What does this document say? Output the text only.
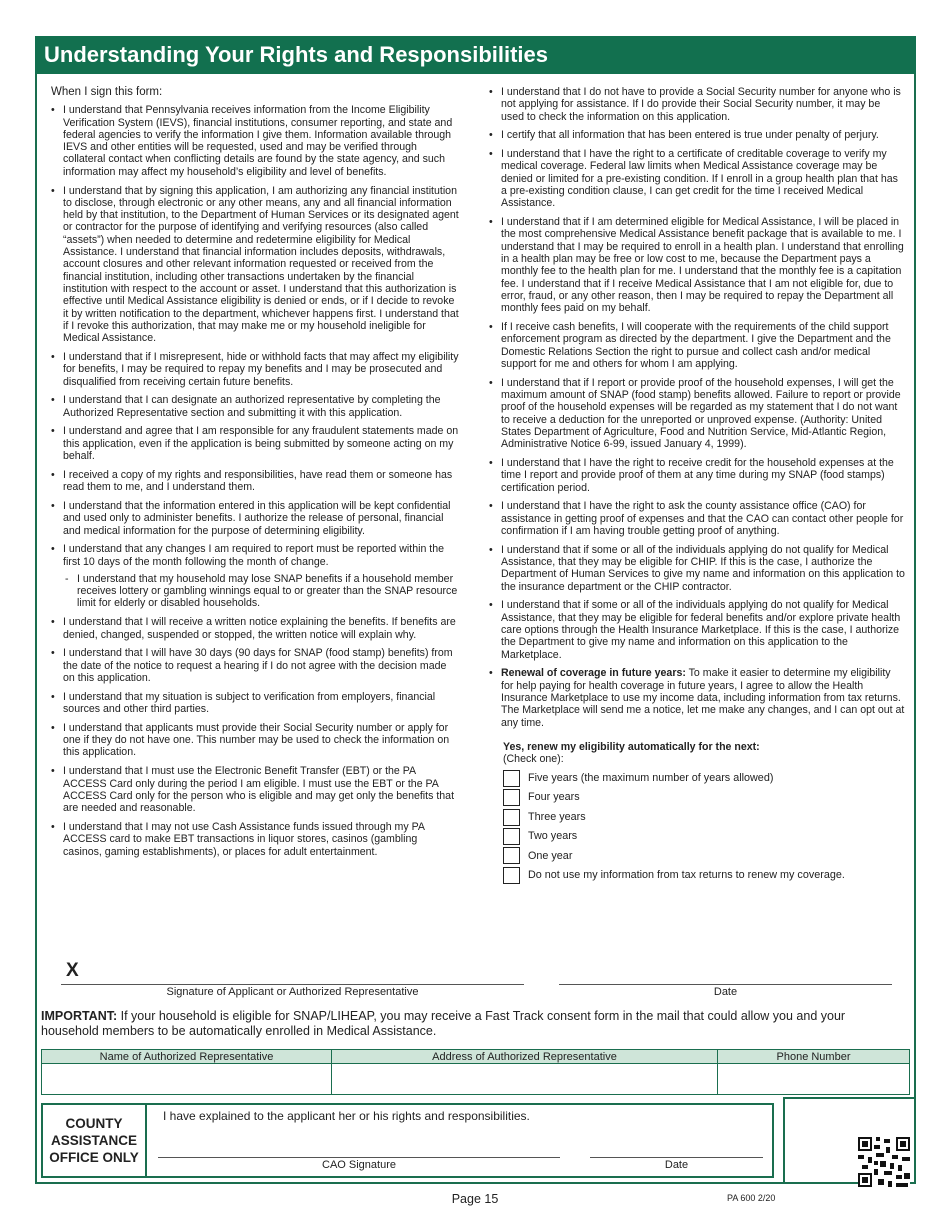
Understanding Your Rights and Responsibilities
When I sign this form:
• I understand that Pennsylvania receives information from the Income Eligibility Verification System (IEVS), financial institutions, consumer reporting, and state and federal agencies to verify the information I give them. Information available through IEVS and other entities will be requested, used and may be verified through collateral contact when conflicting details are found by the state agency, and such information may affect my household’s eligibility and level of benefits.
• I understand that by signing this application, I am authorizing any financial institution to disclose, through electronic or any other means, any and all financial information held by that institution, to the Department of Human Services or its designated agent or contractor for the purpose of identifying and verifying resources (also called “assets”) when needed to determine and redetermine eligibility for Medical Assistance. I understand that financial information includes deposits, withdrawals, account closures and other relevant information requested or received from the financial institution, including other transactions undertaken by the financial institution with respect to the account or asset. I understand that this authorization is effective until Medical Assistance eligibility is denied or ends, or if I decide to revoke it by written notification to the department, whichever happens first. I understand that if I revoke this authorization, that may make me or my household ineligible for Medical Assistance.
• I understand that if I misrepresent, hide or withhold facts that may affect my eligibility for benefits, I may be required to repay my benefits and I may be prosecuted and disqualified from receiving certain future benefits.
• I understand that I can designate an authorized representative by completing the Authorized Representative section and submitting it with this application.
• I understand and agree that I am responsible for any fraudulent statements made on this application, even if the application is being submitted by someone acting on my behalf.
• I received a copy of my rights and responsibilities, have read them or someone has read them to me, and I understand them.
• I understand that the information entered in this application will be kept confidential and used only to administer benefits. I authorize the release of personal, financial and medical information for the purpose of determining eligibility.
• I understand that any changes I am required to report must be reported within the first 10 days of the month following the month of change.
- I understand that my household may lose SNAP benefits if a household member receives lottery or gambling winnings equal to or greater than the SNAP resource limit for elderly or disabled households.
• I understand that I will receive a written notice explaining the benefits. If benefits are denied, changed, suspended or stopped, the written notice will explain why.
• I understand that I will have 30 days (90 days for SNAP (food stamp) benefits) from the date of the notice to request a hearing if I do not agree with the decision made on this application.
• I understand that my situation is subject to verification from employers, financial sources and other third parties.
• I understand that applicants must provide their Social Security number or apply for one if they do not have one. This number may be used to check the information on this application.
• I understand that I must use the Electronic Benefit Transfer (EBT) or the PA ACCESS Card only during the period I am eligible. I must use the EBT or the PA ACCESS Card only for the person who is eligible and may get only the benefits that are needed and reasonable.
• I understand that I may not use Cash Assistance funds issued through my PA ACCESS card to make EBT transactions in liquor stores, casinos (gambling casinos, gaming establishments), or places for adult entertainment.
• I understand that I do not have to provide a Social Security number for anyone who is not applying for assistance. If I do provide their Social Security number, it may be used to check the information on this application.
• I certify that all information that has been entered is true under penalty of perjury.
• I understand that I have the right to a certificate of creditable coverage to verify my medical coverage. Federal law limits when Medical Assistance coverage may be denied or limited for a pre-existing condition. If I enroll in a group health plan that has a pre-existing condition clause, I can get credit for the time I received Medical Assistance.
• I understand that if I am determined eligible for Medical Assistance, I will be placed in the most comprehensive Medical Assistance benefit package that is available to me. I understand that I may be required to enroll in a health plan. I understand that enrolling in a health plan may be free or low cost to me, because the Department pays a monthly fee to the health plan for me. I understand that the monthly fee is a capitation fee. I understand that if I receive Medical Assistance that I am not eligible for, due to error, fraud, or any other reason, then I may be required to repay the Department all monthly fees paid on my behalf.
• If I receive cash benefits, I will cooperate with the requirements of the child support enforcement program as directed by the department. I give the Department and the Domestic Relations Section the right to pursue and collect cash and/or medical support for me and others for whom I am applying.
• I understand that if I report or provide proof of the household expenses, I will get the maximum amount of SNAP (food stamp) benefits allowed. Failure to report or provide proof of the household expenses will be regarded as my statement that I do not want to receive a deduction for the unreported or unproved expense. (Authority: United States Department of Agriculture, Food and Nutrition Service, Mid-Atlantic Region, Administrative Notice 6-99, issued January 4, 1999).
• I understand that I have the right to receive credit for the household expenses at the time I report and provide proof of them at any time during my SNAP (food stamps) certification period.
• I understand that I have the right to ask the county assistance office (CAO) for assistance in getting proof of expenses and that the CAO can contact other people for confirmation if I am having trouble getting proof of anything.
• I understand that if some or all of the individuals applying do not qualify for Medical Assistance, that they may be eligible for CHIP. If this is the case, I authorize the Department of Human Services to give my name and information on this application to the insurance department or the CHIP contractor.
• I understand that if some or all of the individuals applying do not qualify for Medical Assistance, that they may be eligible for federal benefits and/or explore private health care options through the Health Insurance Marketplace. If this is the case, I authorize the Department to give my name and information on this application to the Marketplace.
• Renewal of coverage in future years: To make it easier to determine my eligibility for help paying for health coverage in future years, I agree to allow the Health Insurance Marketplace to use my income data, including information from tax returns. The Marketplace will send me a notice, let me make any changes, and I can opt out at any time.
Yes, renew my eligibility automatically for the next:
(Check one):
Five years (the maximum number of years allowed)
Four years
Three years
Two years
One year
Do not use my information from tax returns to renew my coverage.
X
Signature of Applicant or Authorized Representative	Date
IMPORTANT: If your household is eligible for SNAP/LIHEAP, you may receive a Fast Track consent form in the mail that could allow you and your household members to be automatically enrolled in Medical Assistance.
Name of Authorized Representative	Address of Authorized Representative	Phone Number

COUNTY
ASSISTANCE
OFFICE ONLY
I have explained to the applicant her or his rights and responsibilities.
CAO Signature	Date
Page 15	PA 600 2/20
